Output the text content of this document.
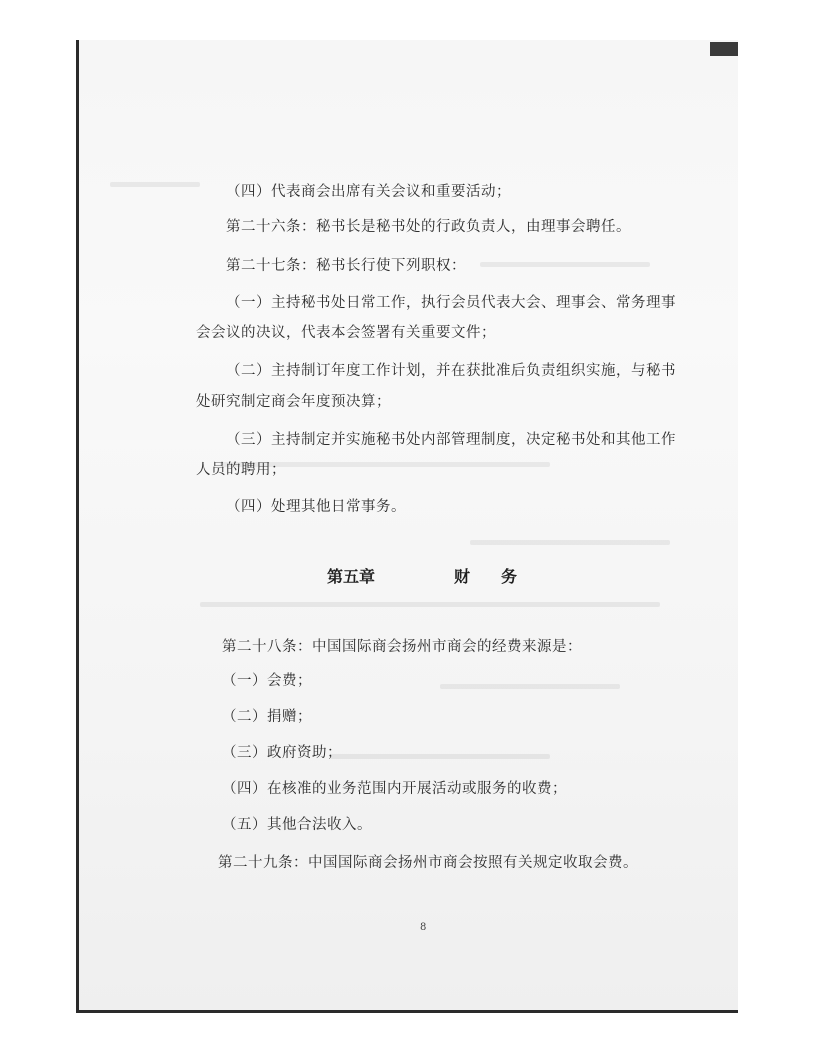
（四）代表商会出席有关会议和重要活动；
第二十六条：秘书长是秘书处的行政负责人，由理事会聘任。
第二十七条：秘书长行使下列职权：
（一）主持秘书处日常工作，执行会员代表大会、理事会、常务理事
会会议的决议，代表本会签署有关重要文件；
（二）主持制订年度工作计划，并在获批准后负责组织实施，与秘书
处研究制定商会年度预决算；
（三）主持制定并实施秘书处内部管理制度，决定秘书处和其他工作
人员的聘用；
（四）处理其他日常事务。
第五章	财 务
第二十八条：中国国际商会扬州市商会的经费来源是：
（一）会费；
（二）捐赠；
（三）政府资助；
（四）在核准的业务范围内开展活动或服务的收费；
（五）其他合法收入。
第二十九条：中国国际商会扬州市商会按照有关规定收取会费。
8
